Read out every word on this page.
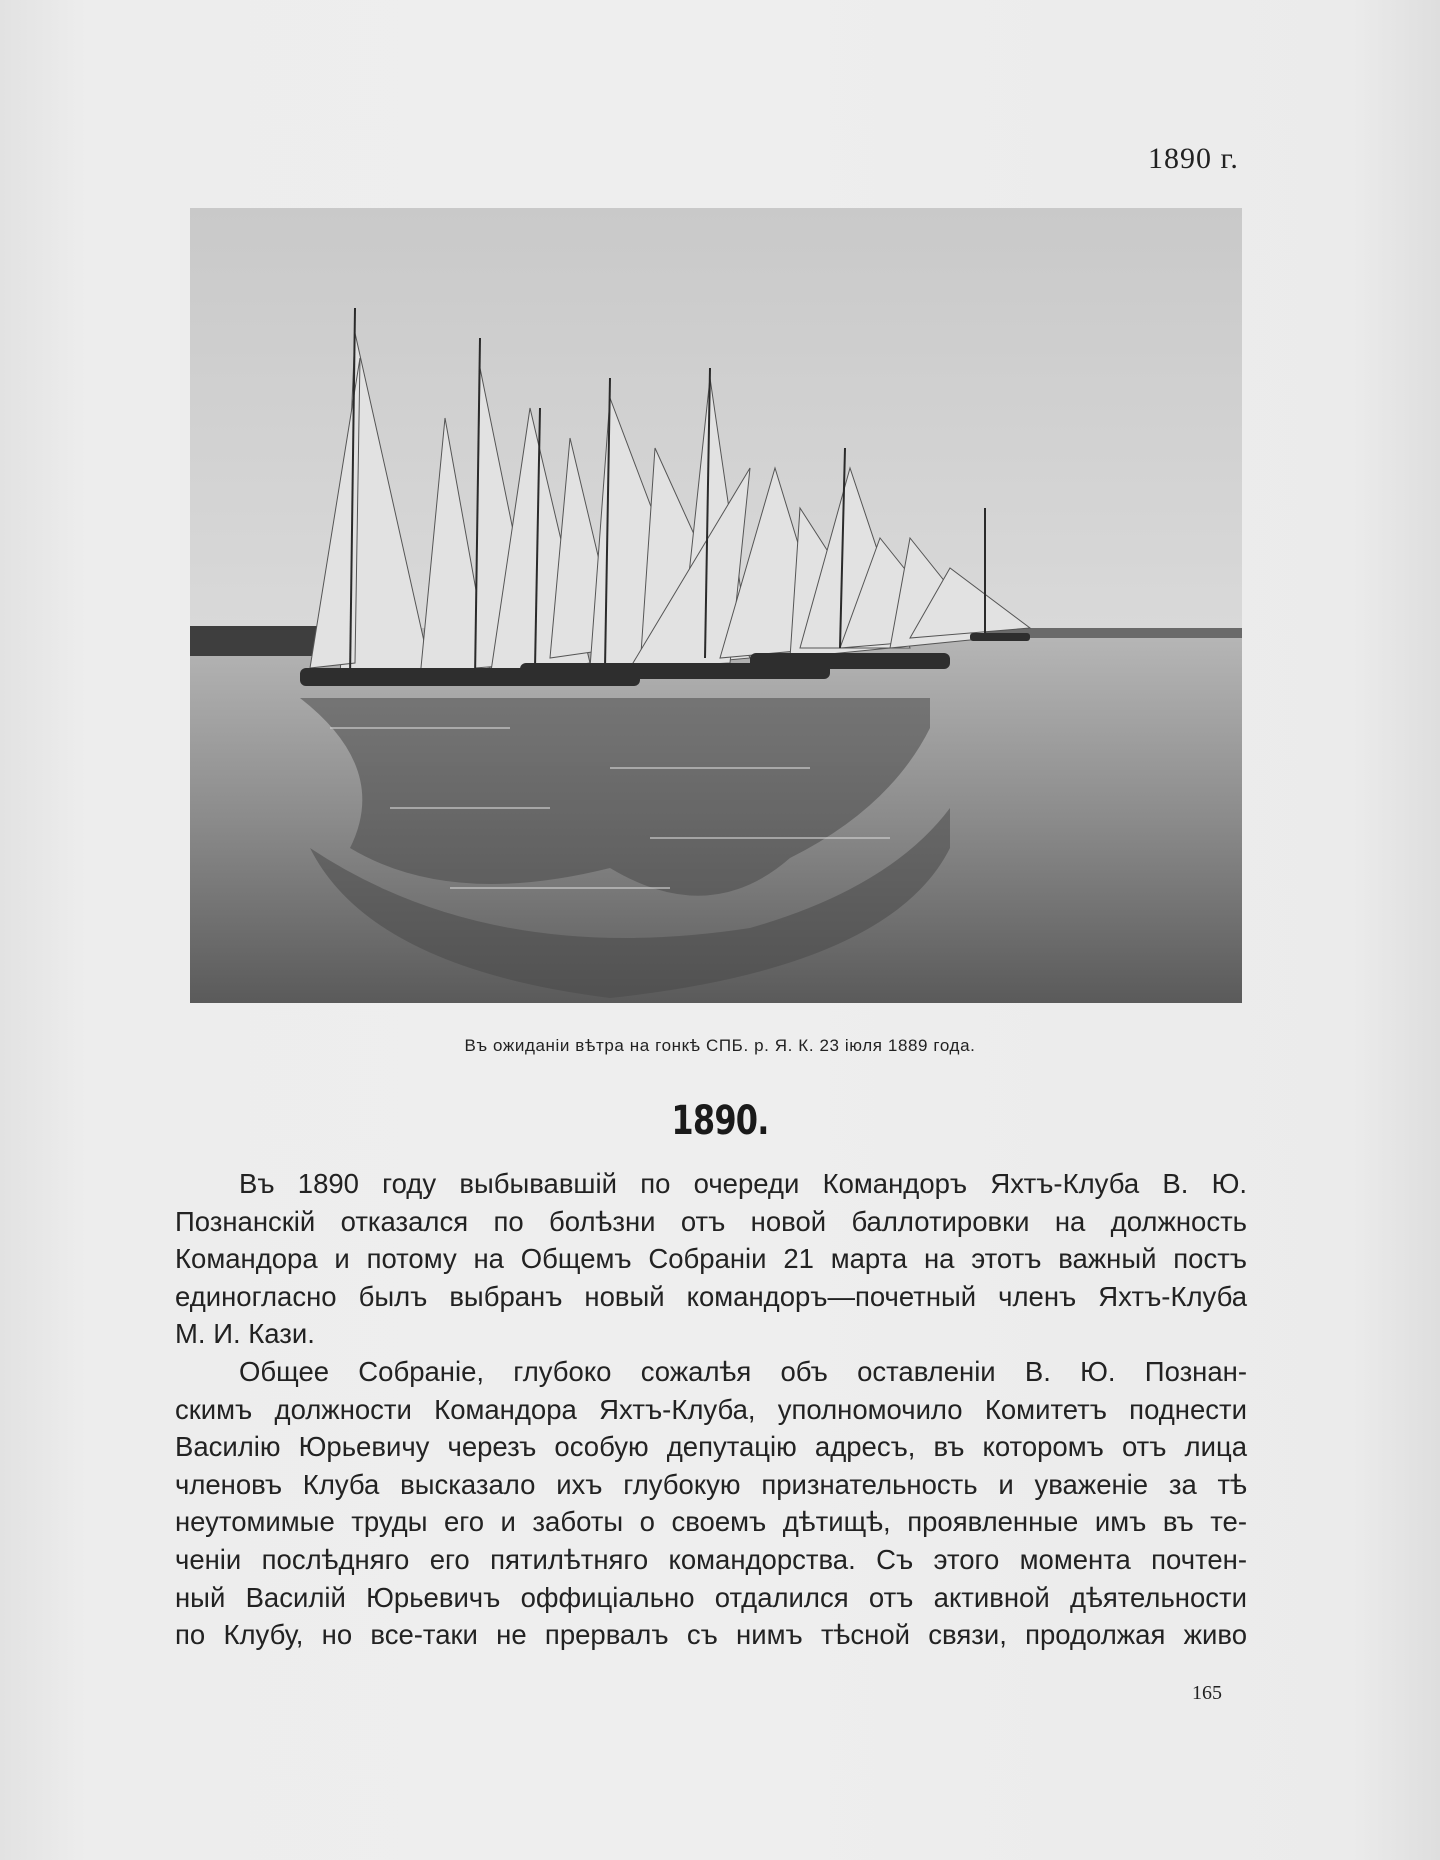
1890 г.
Въ ожиданіи вѣтра на гонкѣ СПБ. р. Я. К. 23 іюля 1889 года.
1890.
Въ 1890 году выбывавшій по очереди Командоръ Яхтъ-Клуба В. Ю.
Познанскій отказался по болѣзни отъ новой баллотировки на должность
Командора и потому на Общемъ Собраніи 21 марта на этотъ важный постъ
единогласно былъ выбранъ новый командоръ—почетный членъ Яхтъ-Клуба
М. И. Кази.
Общее Собраніе, глубоко сожалѣя объ оставленіи В. Ю. Познан-
скимъ должности Командора Яхтъ-Клуба, уполномочило Комитетъ поднести
Василію Юрьевичу черезъ особую депутацію адресъ, въ которомъ отъ лица
членовъ Клуба высказало ихъ глубокую признательность и уваженіе за тѣ
неутомимые труды его и заботы о своемъ дѣтищѣ, проявленные имъ въ те-
ченіи послѣдняго его пятилѣтняго командорства. Съ этого момента почтен-
ный Василій Юрьевичъ оффиціально отдалился отъ активной дѣятельности
по Клубу, но все-таки не прервалъ съ нимъ тѣсной связи, продолжая живо
165
